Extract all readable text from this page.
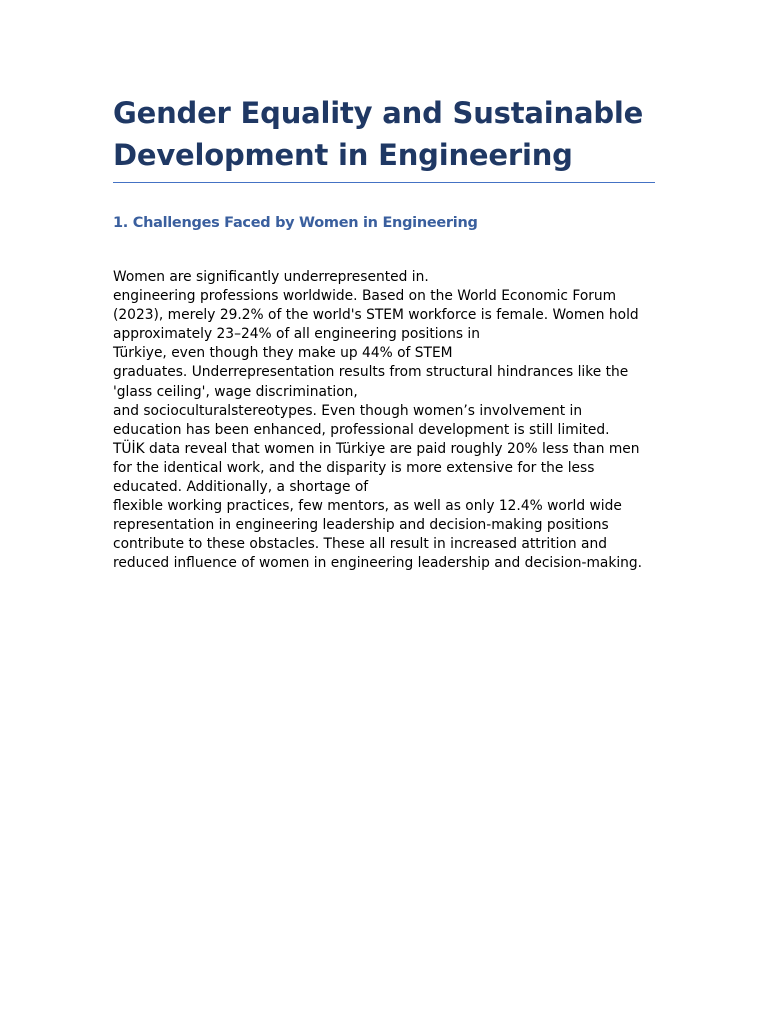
Gender Equality and Sustainable
Development in Engineering
1. Challenges Faced by Women in Engineering
Women are significantly underrepresented in.
engineering professions worldwide. Based on the World Economic Forum
(2023), merely 29.2% of the world's STEM workforce is female. Women hold
approximately 23–24% of all engineering positions in
Türkiye, even though they make up 44% of STEM
graduates. Underrepresentation results from structural hindrances like the
'glass ceiling', wage discrimination,
and socioculturalstereotypes. Even though women’s involvement in
education has been enhanced, professional development is still limited.
TÜİK data reveal that women in Türkiye are paid roughly 20% less than men
for the identical work, and the disparity is more extensive for the less
educated. Additionally, a shortage of
flexible working practices, few mentors, as well as only 12.4% world wide
representation in engineering leadership and decision-making positions
contribute to these obstacles. These all result in increased attrition and
reduced influence of women in engineering leadership and decision-making.
